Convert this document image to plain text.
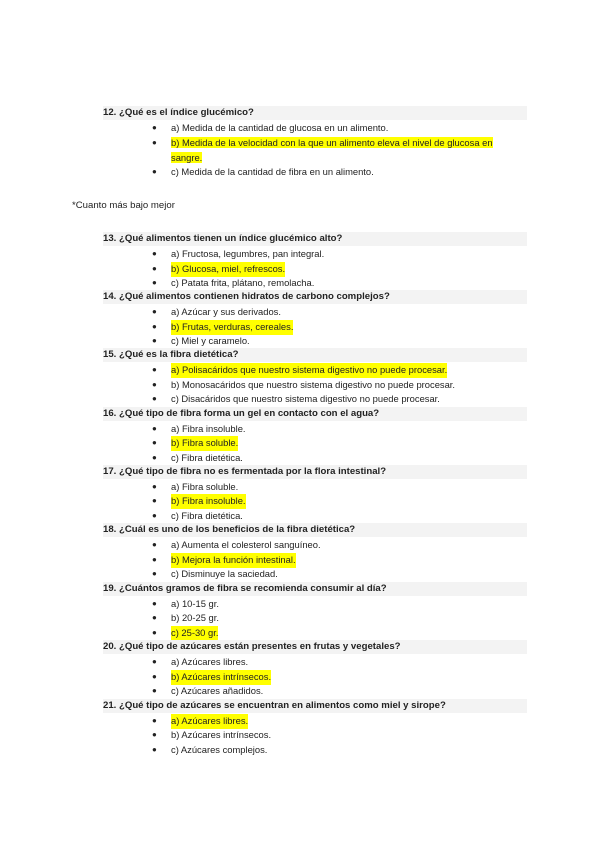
12. ¿Qué es el índice glucémico?
●	a) Medida de la cantidad de glucosa en un alimento.
●	b) Medida de la velocidad con la que un alimento eleva el nivel de glucosa en sangre.
●	c) Medida de la cantidad de fibra en un alimento.
*Cuanto más bajo mejor
13. ¿Qué alimentos tienen un índice glucémico alto?
●	a) Fructosa, legumbres, pan integral.
●	b) Glucosa, miel, refrescos.
●	c) Patata frita, plátano, remolacha.
14. ¿Qué alimentos contienen hidratos de carbono complejos?
●	a) Azúcar y sus derivados.
●	b) Frutas, verduras, cereales.
●	c) Miel y caramelo.
15. ¿Qué es la fibra dietética?
●	a) Polisacáridos que nuestro sistema digestivo no puede procesar.
●	b) Monosacáridos que nuestro sistema digestivo no puede procesar.
●	c) Disacáridos que nuestro sistema digestivo no puede procesar.
16. ¿Qué tipo de fibra forma un gel en contacto con el agua?
●	a) Fibra insoluble.
●	b) Fibra soluble.
●	c) Fibra dietética.
17. ¿Qué tipo de fibra no es fermentada por la flora intestinal?
●	a) Fibra soluble.
●	b) Fibra insoluble.
●	c) Fibra dietética.
18. ¿Cuál es uno de los beneficios de la fibra dietética?
●	a) Aumenta el colesterol sanguíneo.
●	b) Mejora la función intestinal.
●	c) Disminuye la saciedad.
19. ¿Cuántos gramos de fibra se recomienda consumir al día?
●	a) 10-15 gr.
●	b) 20-25 gr.
●	c) 25-30 gr.
20. ¿Qué tipo de azúcares están presentes en frutas y vegetales?
●	a) Azúcares libres.
●	b) Azúcares intrínsecos.
●	c) Azúcares añadidos.
21. ¿Qué tipo de azúcares se encuentran en alimentos como miel y sirope?
●	a) Azúcares libres.
●	b) Azúcares intrínsecos.
●	c) Azúcares complejos.
